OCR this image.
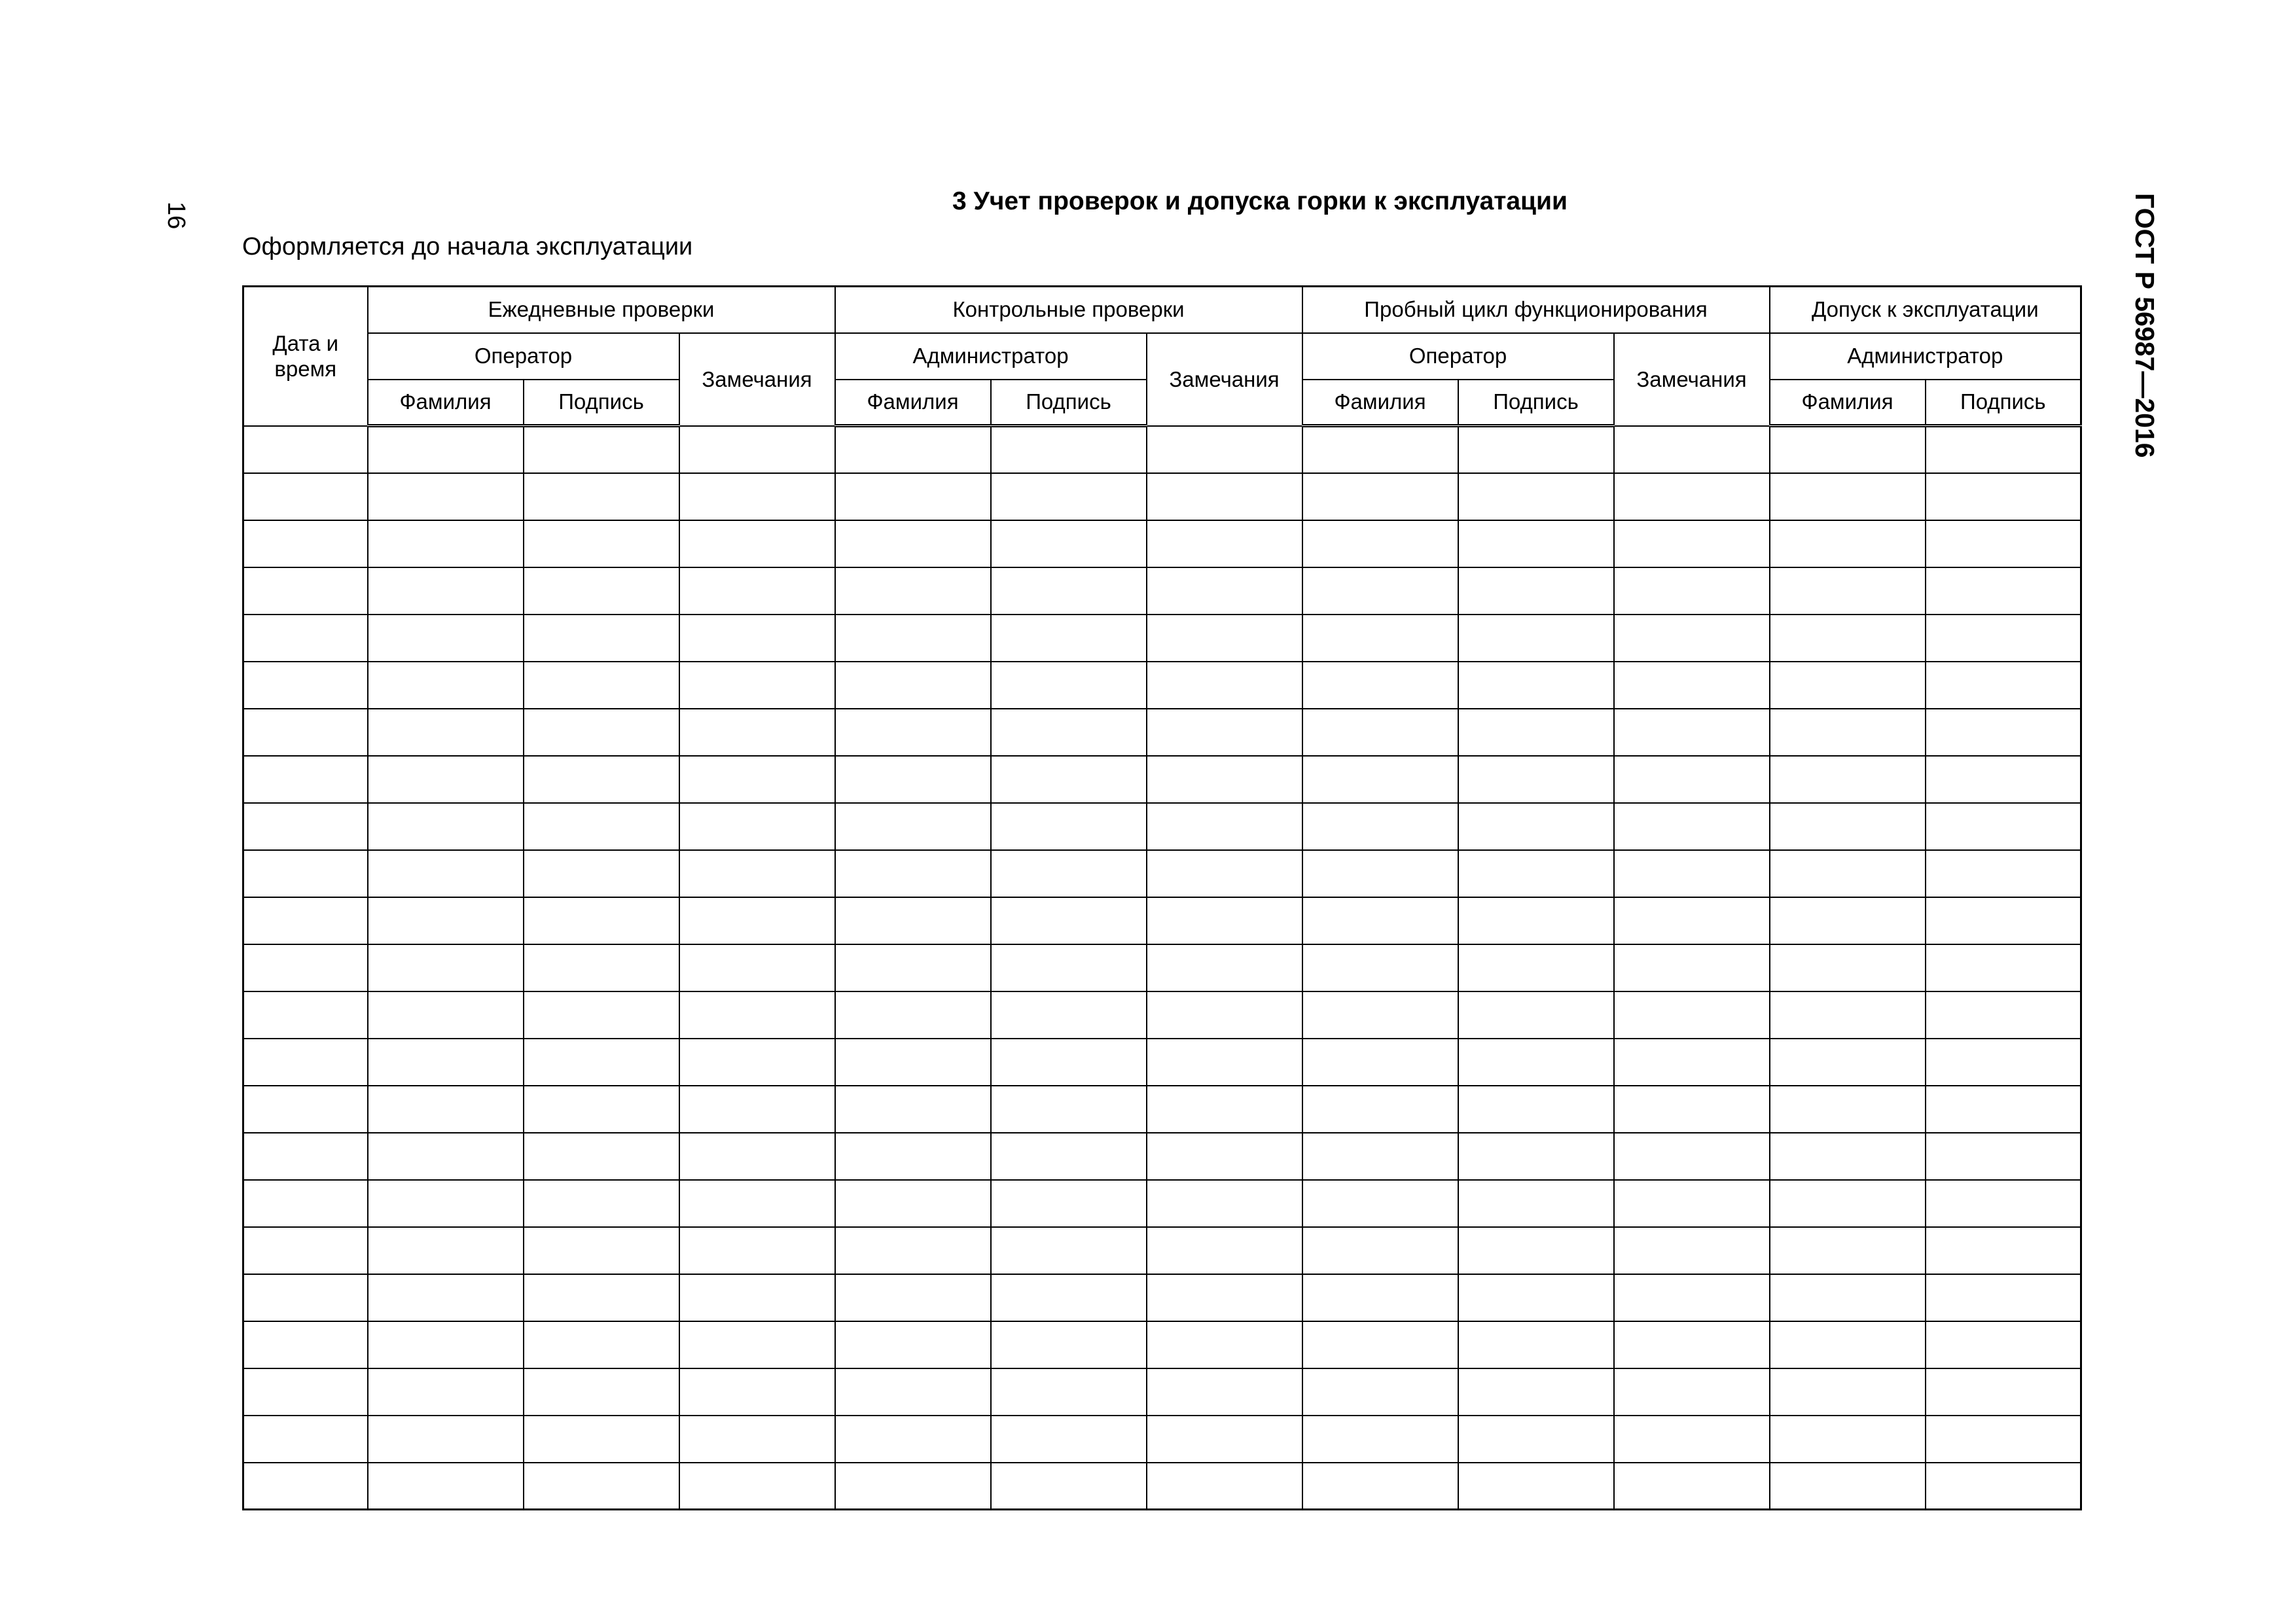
16	ГОСТ Р 56987—2016
3 Учет проверок и допуска горки к эксплуатации
Оформляется до начала эксплуатации
Дата и время	Ежедневные проверки			Контрольные проверки			Пробный цикл функционирования			Допуск к эксплуатации	
	Оператор		Замечания	Администратор		Замечания	Оператор		Замечания	Администратор	
	Фамилия	Подпись		Фамилия	Подпись		Фамилия	Подпись		Фамилия	Подпись
